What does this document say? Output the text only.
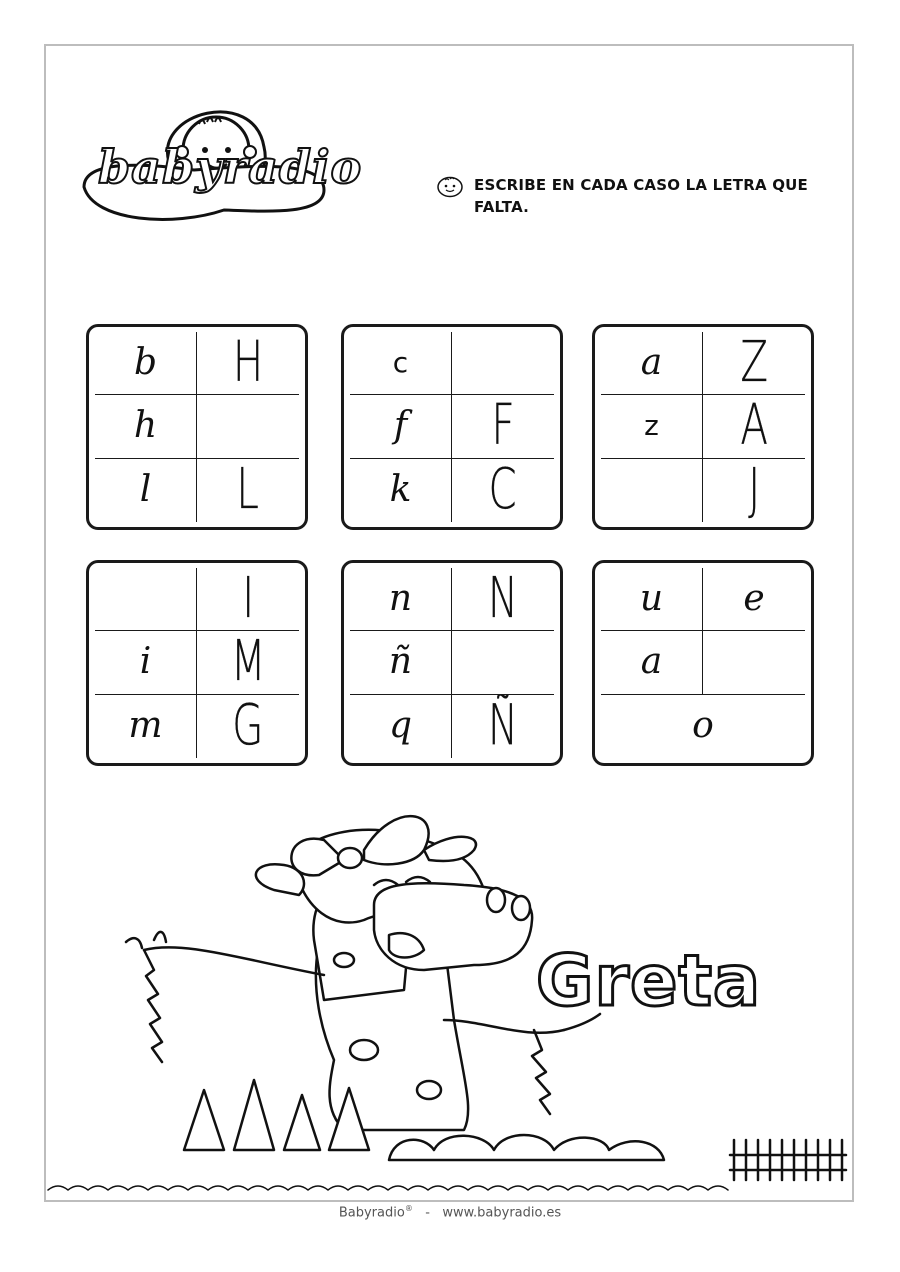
babyradio	ESCRIBE EN CADA CASO LA LETRA QUE FALTA.
b H
h
l L
c
f F
k C
a Z
z A
J
I
i M
m G
n N
ñ
q Ñ
u e
a
o
Greta
Babyradio® - www.babyradio.es
